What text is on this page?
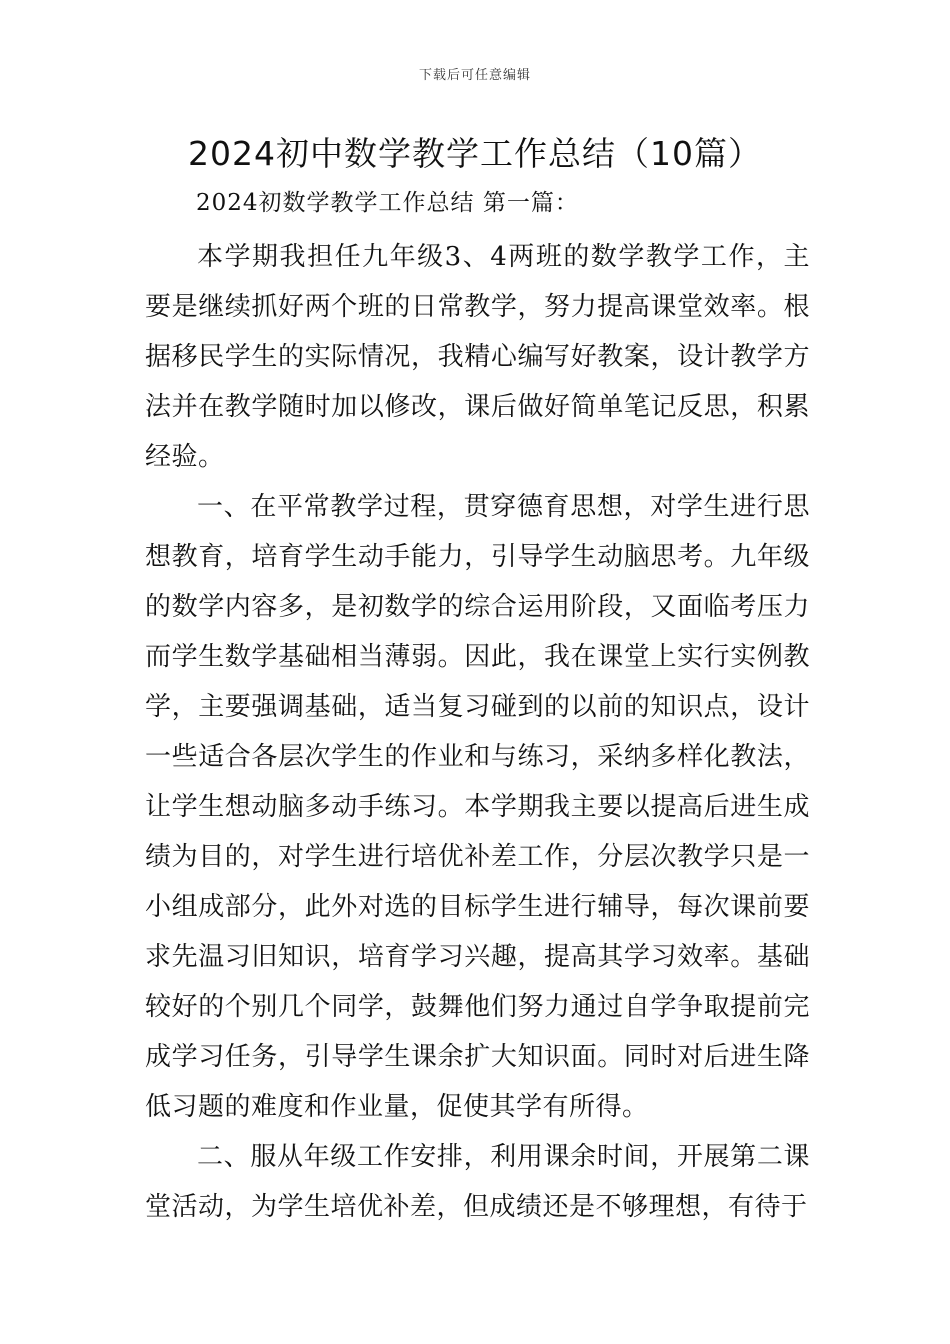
下载后可任意编辑
2024初中数学教学工作总结（10篇）
2024初数学教学工作总结 第一篇：

本学期我担任九年级3、4两班的数学教学工作，主要是继续抓好两个班的日常教学，努力提高课堂效率。根据移民学生的实际情况，我精心编写好教案，设计教学方法并在教学随时加以修改，课后做好简单笔记反思，积累经验。

一、在平常教学过程，贯穿德育思想，对学生进行思想教育，培育学生动手能力，引导学生动脑思考。九年级的数学内容多，是初数学的综合运用阶段，又面临考压力而学生数学基础相当薄弱。因此，我在课堂上实行实例教学，主要强调基础，适当复习碰到的以前的知识点，设计一些适合各层次学生的作业和与练习，采纳多样化教法，让学生想动脑多动手练习。本学期我主要以提高后进生成绩为目的，对学生进行培优补差工作，分层次教学只是一小组成部分，此外对选的目标学生进行辅导，每次课前要求先温习旧知识，培育学习兴趣，提高其学习效率。基础较好的个别几个同学，鼓舞他们努力通过自学争取提前完成学习任务，引导学生课余扩大知识面。同时对后进生降低习题的难度和作业量，促使其学有所得。

二、服从年级工作安排，利用课余时间，开展第二课堂活动，为学生培优补差，但成绩还是不够理想，有待于
